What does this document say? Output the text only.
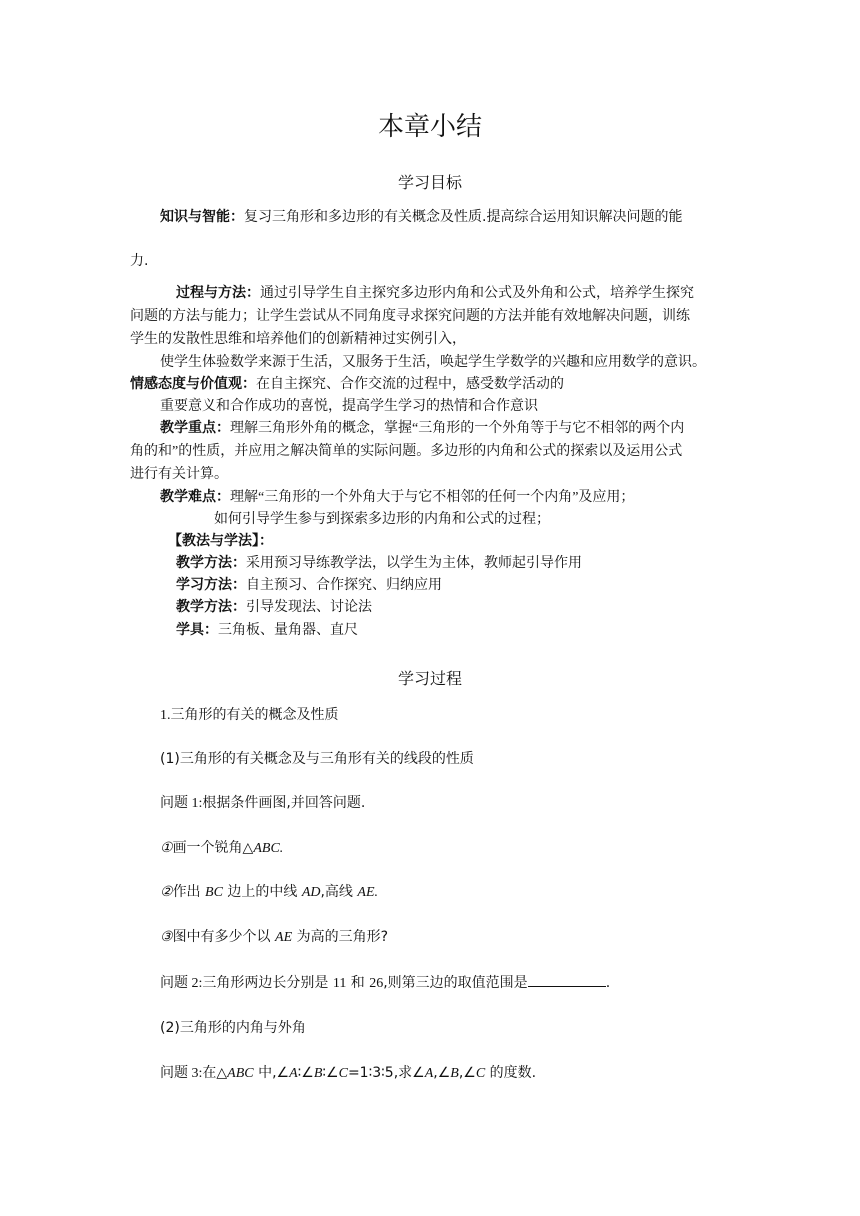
本章小结
学习目标
知识与智能：复习三角形和多边形的有关概念及性质.提高综合运用知识解决问题的能
力.
过程与方法：通过引导学生自主探究多边形内角和公式及外角和公式，培养学生探究
问题的方法与能力；让学生尝试从不同角度寻求探究问题的方法并能有效地解决问题，训练
学生的发散性思维和培养他们的创新精神过实例引入，
使学生体验数学来源于生活，又服务于生活，唤起学生学数学的兴趣和应用数学的意识。
情感态度与价值观：在自主探究、合作交流的过程中，感受数学活动的
重要意义和合作成功的喜悦，提高学生学习的热情和合作意识
教学重点：理解三角形外角的概念，掌握“三角形的一个外角等于与它不相邻的两个内
角的和”的性质，并应用之解决简单的实际问题。多边形的内角和公式的探索以及运用公式
进行有关计算。
教学难点：理解“三角形的一个外角大于与它不相邻的任何一个内角”及应用；
如何引导学生参与到探索多边形的内角和公式的过程；
【教法与学法】：
教学方法：采用预习导练教学法，以学生为主体，教师起引导作用
学习方法：自主预习、合作探究、归纳应用
教学方法：引导发现法、讨论法
学具：三角板、量角器、直尺
学习过程
1.三角形的有关的概念及性质
(1)三角形的有关概念及与三角形有关的线段的性质
问题 1:根据条件画图,并回答问题.
①画一个锐角△ABC.
②作出 BC 边上的中线 AD,高线 AE.
③图中有多少个以 AE 为高的三角形?
问题 2:三角形两边长分别是 11 和 26,则第三边的取值范围是	.
(2)三角形的内角与外角
问题 3:在△ABC 中,∠A∶∠B∶∠C=1∶3∶5,求∠A,∠B,∠C 的度数.
